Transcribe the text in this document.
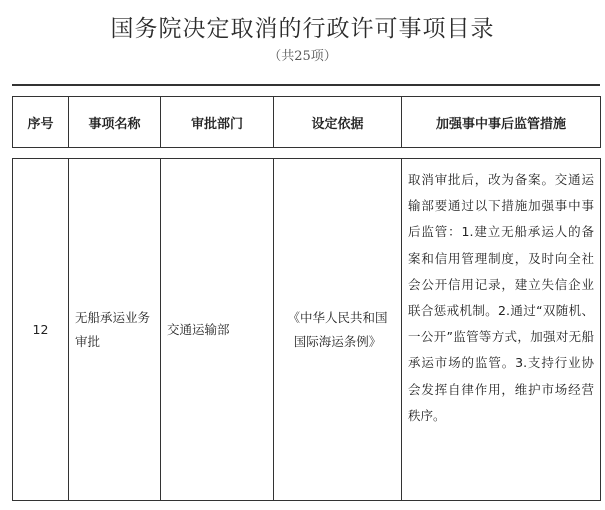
国务院决定取消的行政许可事项目录
（共25项）
序号	事项名称	审批部门	设定依据	加强事中事后监管措施
12	无船承运业务审批	交通运输部	《中华人民共和国国际海运条例》	取消审批后，改为备案。交通运输部要通过以下措施加强事中事后监管：1.建立无船承运人的备案和信用管理制度，及时向全社会公开信用记录，建立失信企业联合惩戒机制。2.通过“双随机、一公开”监管等方式，加强对无船承运市场的监管。3.支持行业协会发挥自律作用，维护市场经营秩序。
